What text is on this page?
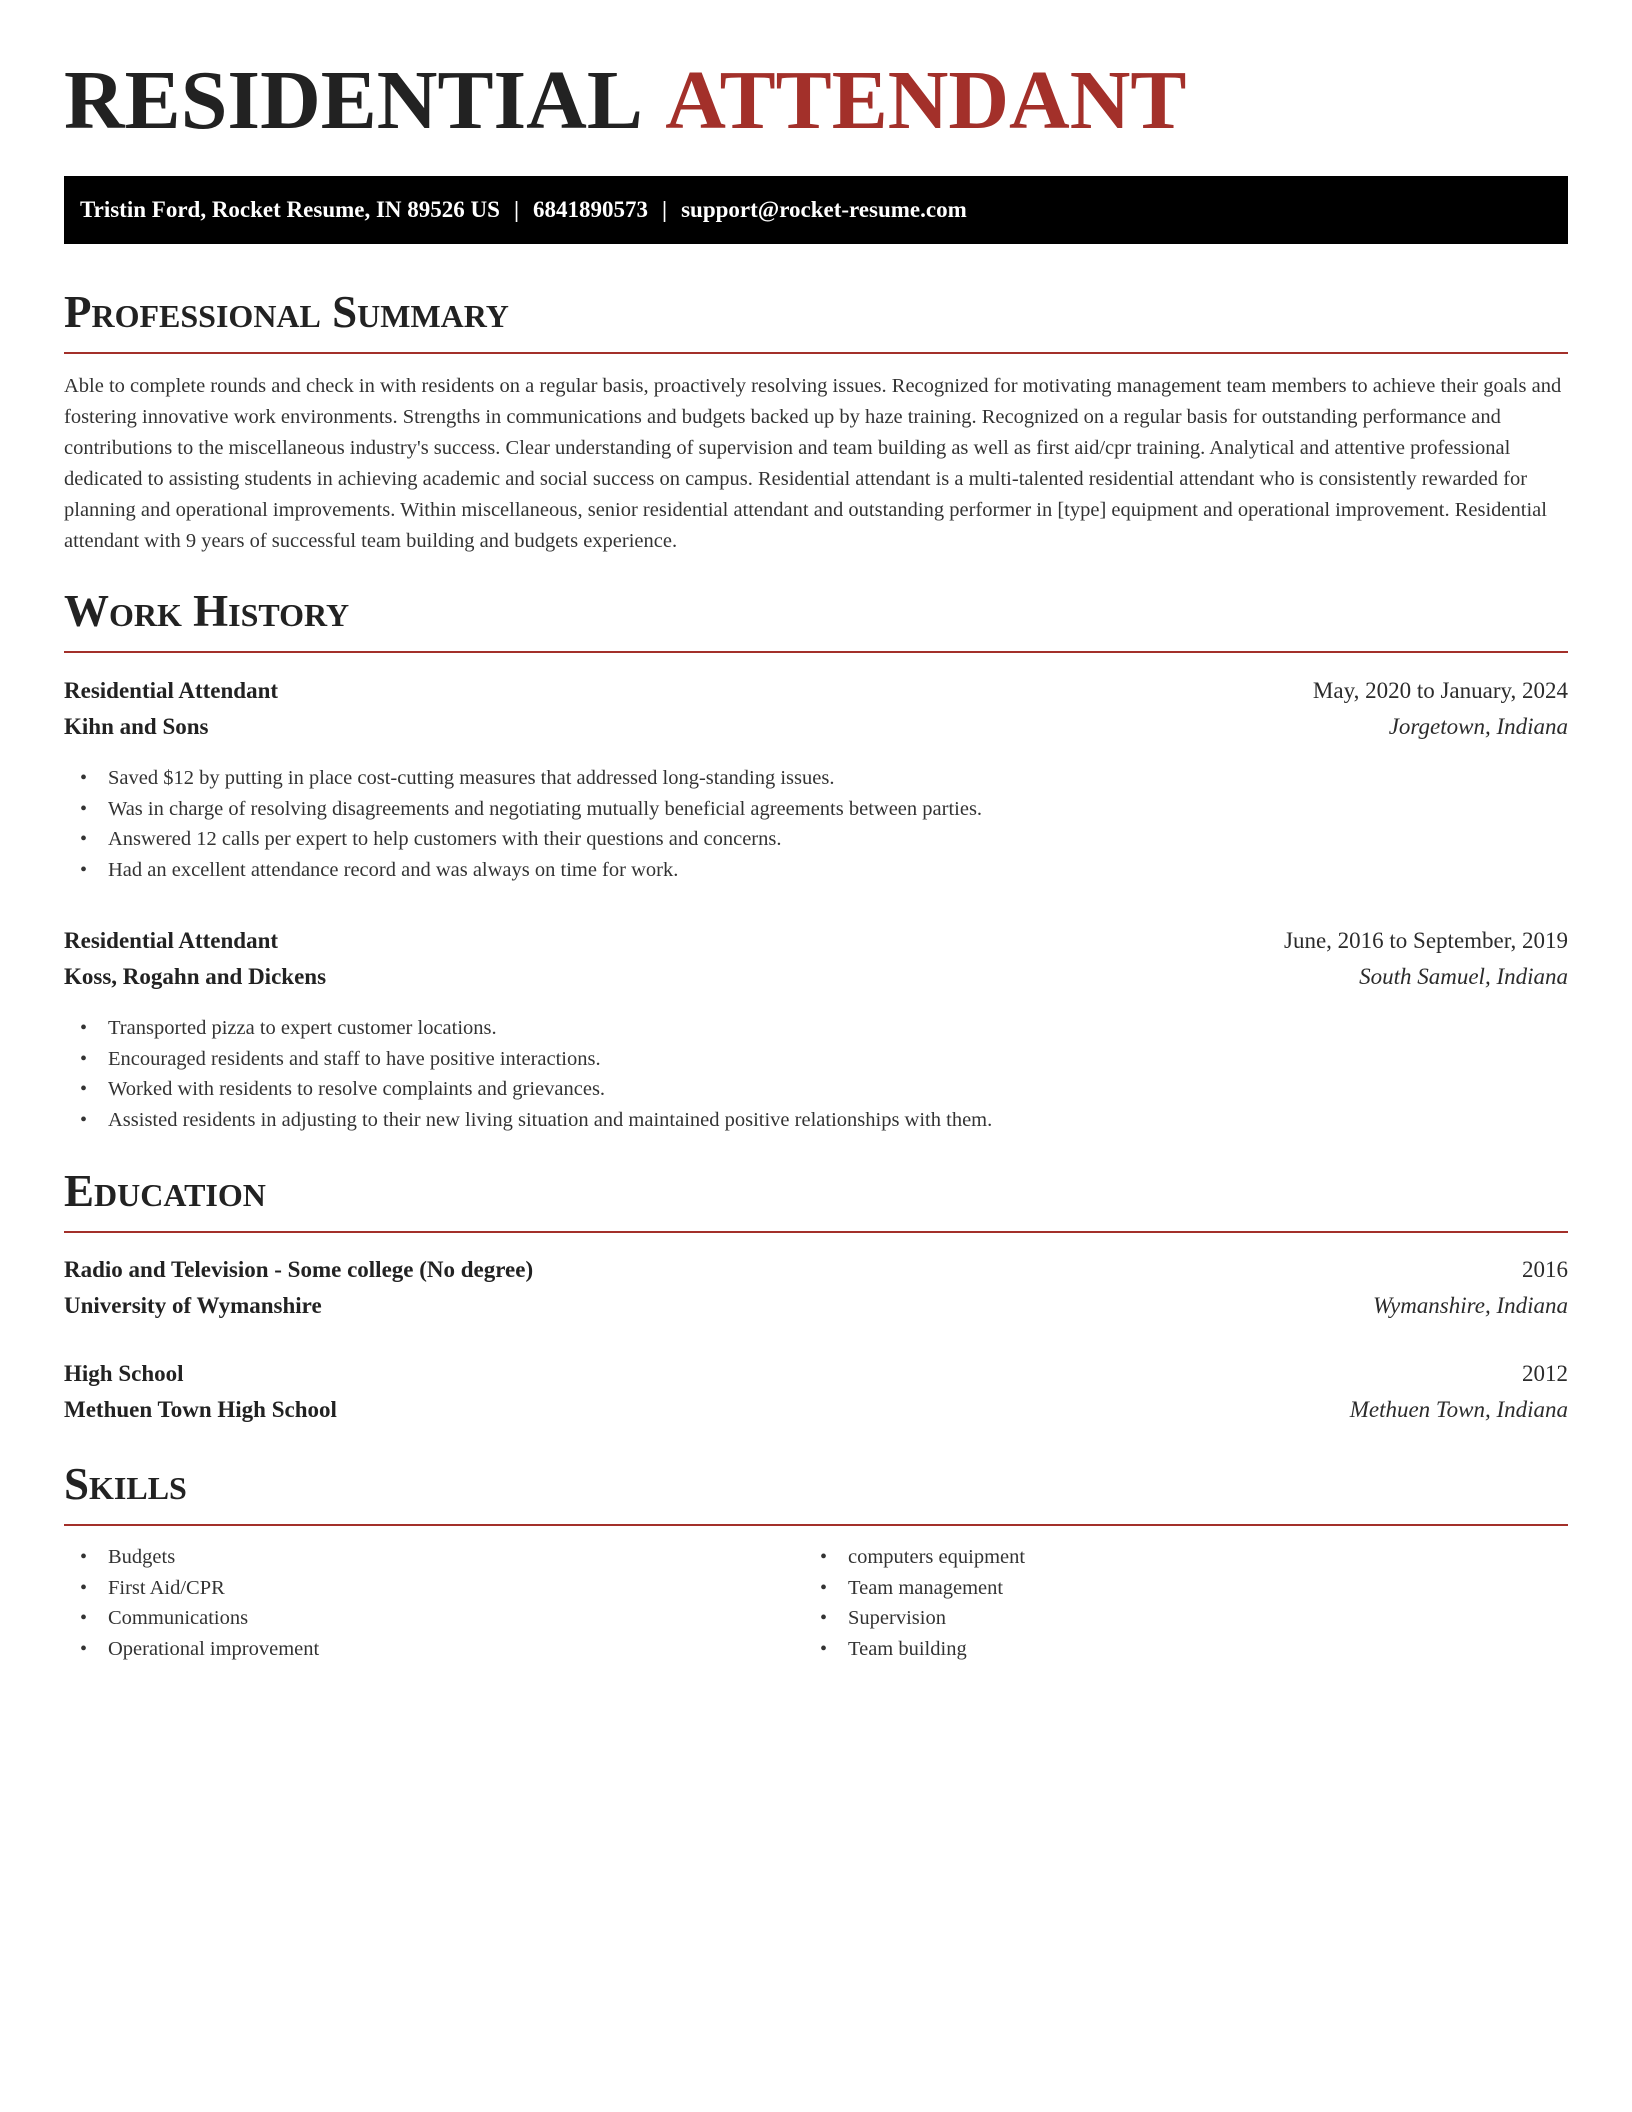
RESIDENTIAL ATTENDANT
Tristin Ford, Rocket Resume, IN 89526 US | 6841890573 | support@rocket-resume.com
Professional Summary
Able to complete rounds and check in with residents on a regular basis, proactively resolving issues. Recognized for motivating management team members to achieve their goals and fostering innovative work environments. Strengths in communications and budgets backed up by haze training. Recognized on a regular basis for outstanding performance and contributions to the miscellaneous industry's success. Clear understanding of supervision and team building as well as first aid/cpr training. Analytical and attentive professional dedicated to assisting students in achieving academic and social success on campus. Residential attendant is a multi-talented residential attendant who is consistently rewarded for planning and operational improvements. Within miscellaneous, senior residential attendant and outstanding performer in [type] equipment and operational improvement. Residential attendant with 9 years of successful team building and budgets experience.
Work History
Residential Attendant	May, 2020 to January, 2024
Kihn and Sons	Jorgetown, Indiana
• Saved $12 by putting in place cost-cutting measures that addressed long-standing issues.
• Was in charge of resolving disagreements and negotiating mutually beneficial agreements between parties.
• Answered 12 calls per expert to help customers with their questions and concerns.
• Had an excellent attendance record and was always on time for work.
Residential Attendant	June, 2016 to September, 2019
Koss, Rogahn and Dickens	South Samuel, Indiana
• Transported pizza to expert customer locations.
• Encouraged residents and staff to have positive interactions.
• Worked with residents to resolve complaints and grievances.
• Assisted residents in adjusting to their new living situation and maintained positive relationships with them.
Education
Radio and Television - Some college (No degree)	2016
University of Wymanshire	Wymanshire, Indiana
High School	2012
Methuen Town High School	Methuen Town, Indiana
Skills
• Budgets
• First Aid/CPR
• Communications
• Operational improvement
• computers equipment
• Team management
• Supervision
• Team building
